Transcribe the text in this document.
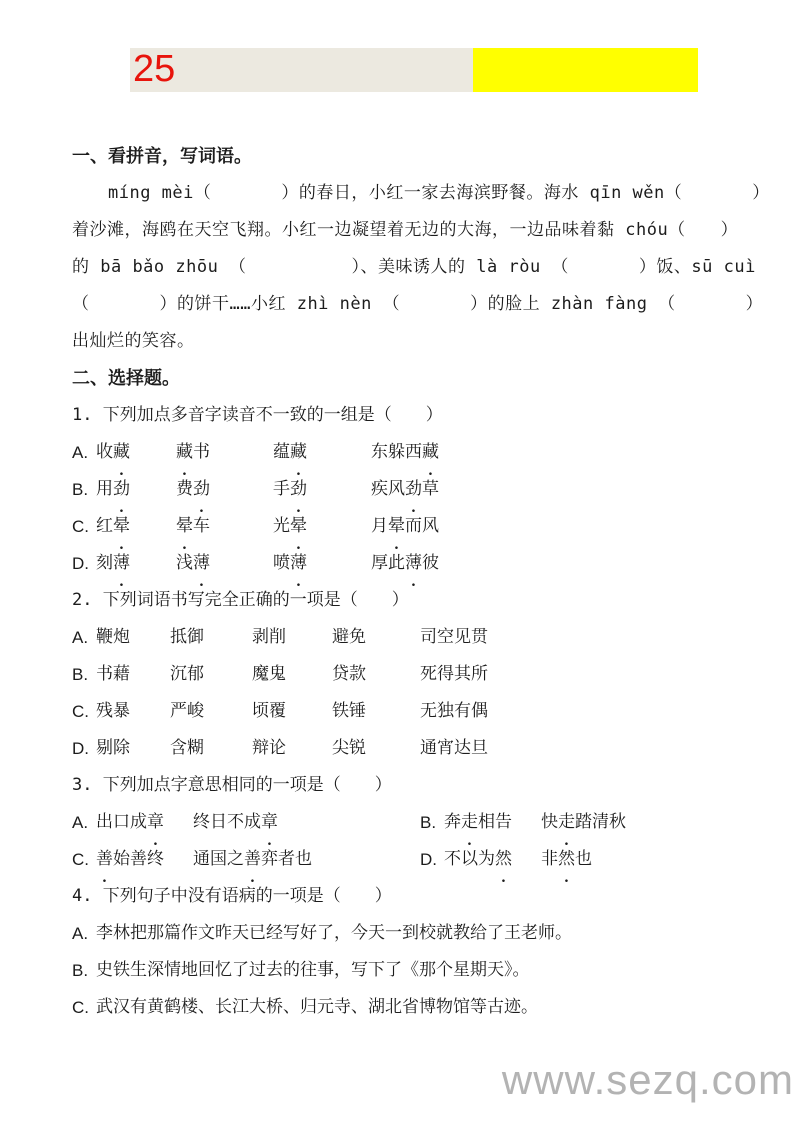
25
一、看拼音，写词语。
míng mèi（　　　　）的春日，小红一家去海滨野餐。海水 qīn wěn（　　　　）
着沙滩，海鸥在天空飞翔。小红一边凝望着无边的大海，一边品味着黏 chóu（　　）
的 bā bǎo zhōu （　　　　　　）、美味诱人的 là ròu （　　　　）饭、sū cuì
（　　　　）的饼干……小红 zhì nèn （　　　　）的脸上 zhàn fàng （　　　　）
出灿烂的笑容。
二、选择题。
1. 下列加点多音字读音不一致的一组是（　　）
A. 收藏	藏书	蕴藏	东躲西藏
B. 用劲	费劲	手劲	疾风劲草
C. 红晕	晕车	光晕	月晕而风
D. 刻薄	浅薄	喷薄	厚此薄彼
2. 下列词语书写完全正确的一项是（　　）
A. 鞭炮	抵御	剥削	避免	司空见贯
B. 书藉	沉郁	魔鬼	贷款	死得其所
C. 残暴	严峻	顷覆	铁锤	无独有偶
D. 剔除	含糊	辩论	尖锐	通宵达旦
3. 下列加点字意思相同的一项是（　　）
A. 出口成章 终日不成章	B. 奔走相告 快走踏清秋
C. 善始善终 通国之善弈者也	D. 不以为然 非然也
4. 下列句子中没有语病的一项是（　　）
A. 李林把那篇作文昨天已经写好了，今天一到校就教给了王老师。
B. 史铁生深情地回忆了过去的往事，写下了《那个星期天》。
C. 武汉有黄鹤楼、长江大桥、归元寺、湖北省博物馆等古迹。
www.sezq.com
